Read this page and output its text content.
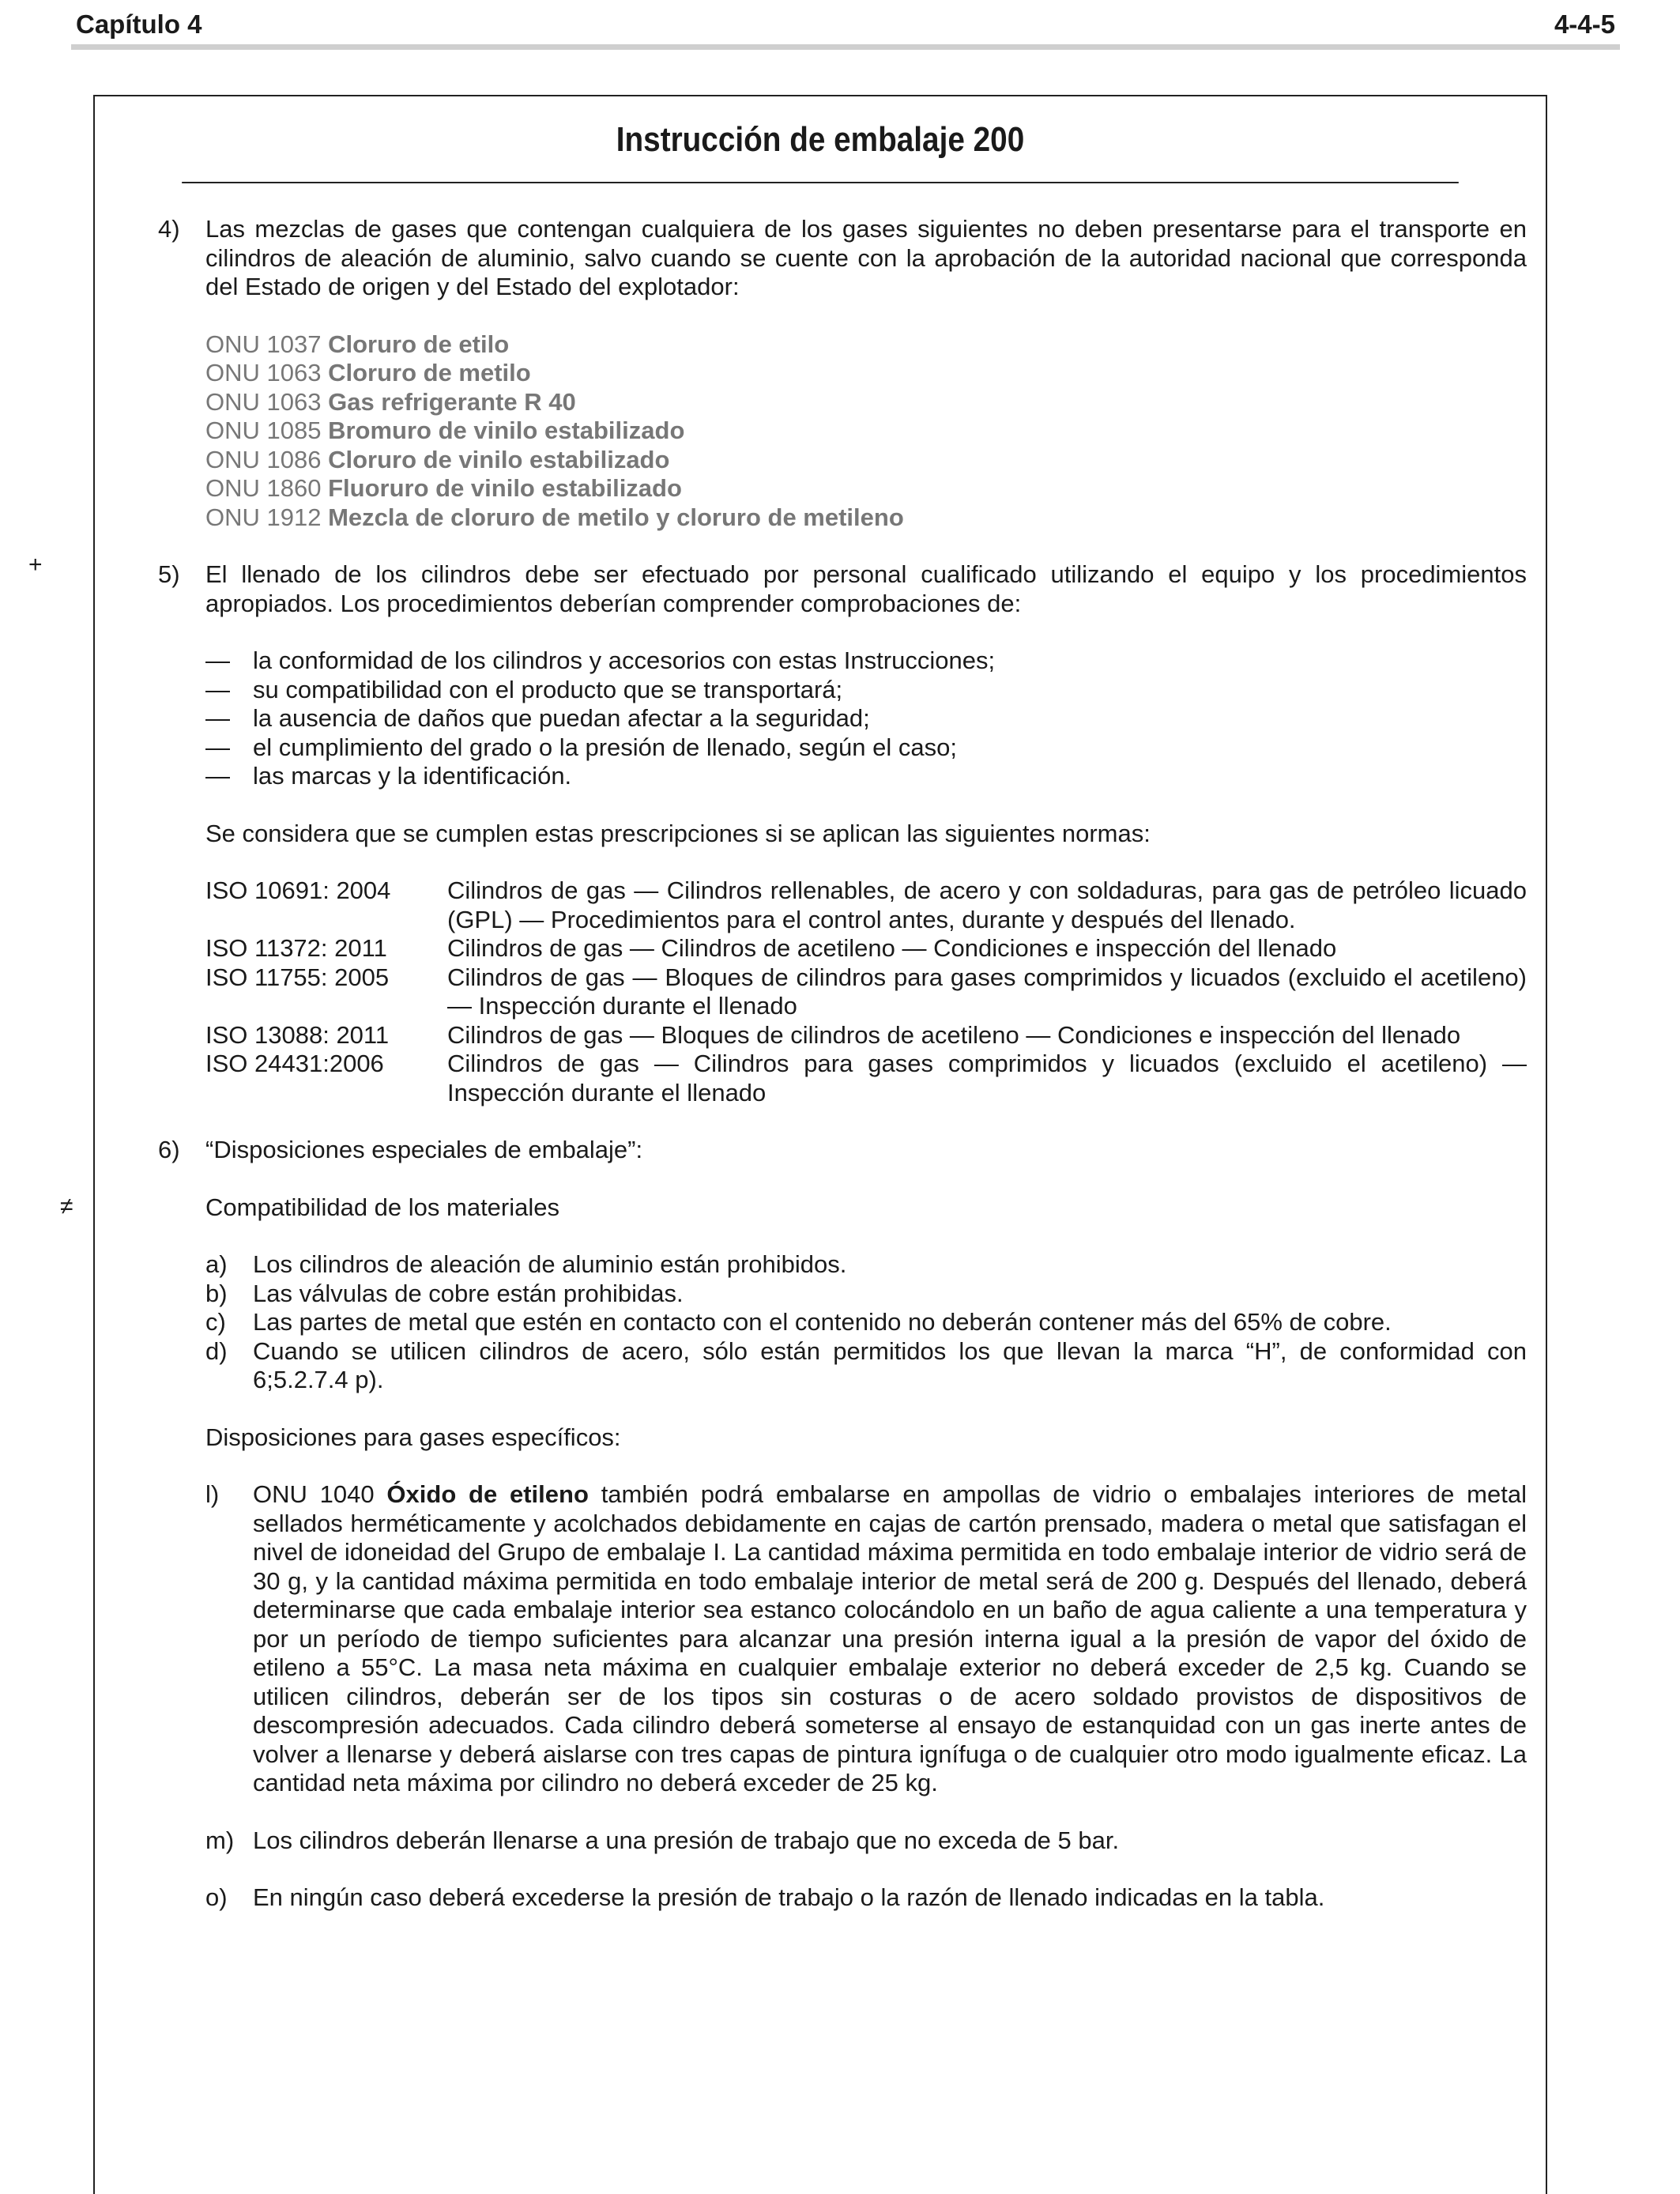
Capítulo 4	4-4-5
+
≠
Instrucción de embalaje 200
4) Las mezclas de gases que contengan cualquiera de los gases siguientes no deben presentarse para el transporte en cilindros de aleación de aluminio, salvo cuando se cuente con la aprobación de la autoridad nacional que corresponda del Estado de origen y del Estado del explotador:

ONU 1037 Cloruro de etilo
ONU 1063 Cloruro de metilo
ONU 1063 Gas refrigerante R 40
ONU 1085 Bromuro de vinilo estabilizado
ONU 1086 Cloruro de vinilo estabilizado
ONU 1860 Fluoruro de vinilo estabilizado
ONU 1912 Mezcla de cloruro de metilo y cloruro de metileno
5) El llenado de los cilindros debe ser efectuado por personal cualificado utilizando el equipo y los procedimientos apropiados. Los procedimientos deberían comprender comprobaciones de:

— la conformidad de los cilindros y accesorios con estas Instrucciones;
— su compatibilidad con el producto que se transportará;
— la ausencia de daños que puedan afectar a la seguridad;
— el cumplimiento del grado o la presión de llenado, según el caso;
— las marcas y la identificación.

Se considera que se cumplen estas prescripciones si se aplican las siguientes normas:

ISO 10691: 2004	Cilindros de gas — Cilindros rellenables, de acero y con soldaduras, para gas de petróleo licuado (GPL) — Procedimientos para el control antes, durante y después del llenado.
ISO 11372: 2011	Cilindros de gas — Cilindros de acetileno — Condiciones e inspección del llenado
ISO 11755: 2005	Cilindros de gas — Bloques de cilindros para gases comprimidos y licuados (excluido el acetileno) — Inspección durante el llenado
ISO 13088: 2011	Cilindros de gas — Bloques de cilindros de acetileno — Condiciones e inspección del llenado
ISO 24431:2006	Cilindros de gas — Cilindros para gases comprimidos y licuados (excluido el acetileno) — Inspección durante el llenado
6) “Disposiciones especiales de embalaje”:

Compatibilidad de los materiales

a) Los cilindros de aleación de aluminio están prohibidos.
b) Las válvulas de cobre están prohibidas.
c) Las partes de metal que estén en contacto con el contenido no deberán contener más del 65% de cobre.
d) Cuando se utilicen cilindros de acero, sólo están permitidos los que llevan la marca “H”, de conformidad con 6;5.2.7.4 p).

Disposiciones para gases específicos:

l) ONU 1040 Óxido de etileno también podrá embalarse en ampollas de vidrio o embalajes interiores de metal sellados herméticamente y acolchados debidamente en cajas de cartón prensado, madera o metal que satisfagan el nivel de idoneidad del Grupo de embalaje I. La cantidad máxima permitida en todo embalaje interior de vidrio será de 30 g, y la cantidad máxima permitida en todo embalaje interior de metal será de 200 g. Después del llenado, deberá determinarse que cada embalaje interior sea estanco colocándolo en un baño de agua caliente a una temperatura y por un período de tiempo suficientes para alcanzar una presión interna igual a la presión de vapor del óxido de etileno a 55°C. La masa neta máxima en cualquier embalaje exterior no deberá exceder de 2,5 kg. Cuando se utilicen cilindros, deberán ser de los tipos sin costuras o de acero soldado provistos de dispositivos de descompresión adecuados. Cada cilindro deberá someterse al ensayo de estanquidad con un gas inerte antes de volver a llenarse y deberá aislarse con tres capas de pintura ignífuga o de cualquier otro modo igualmente eficaz. La cantidad neta máxima por cilindro no deberá exceder de 25 kg.
m) Los cilindros deberán llenarse a una presión de trabajo que no exceda de 5 bar.
o) En ningún caso deberá excederse la presión de trabajo o la razón de llenado indicadas en la tabla.
